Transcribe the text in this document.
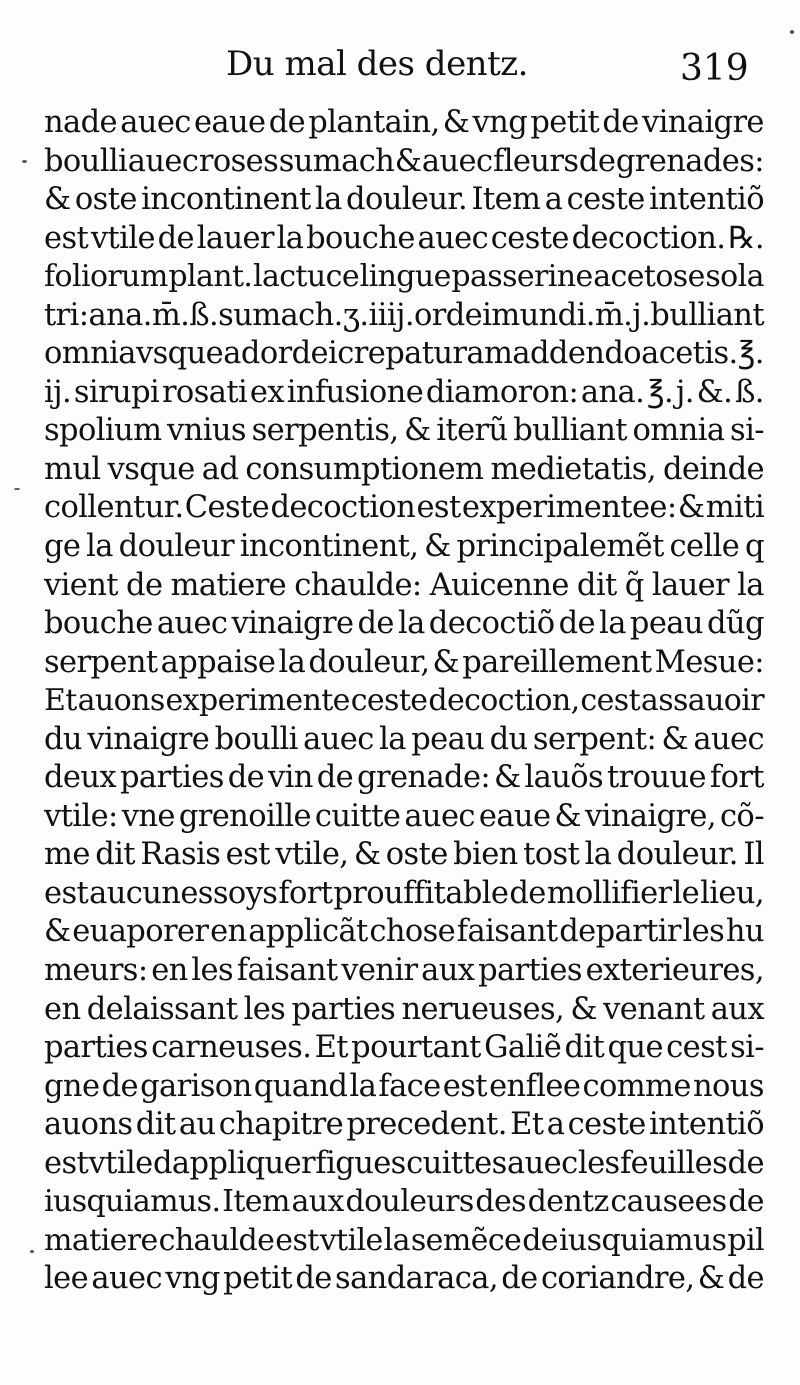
Du mal des dentz.	319
nade auec eaue de plantain, & vng petit de vinaigre
boulli auec roses sumach & auec fleurs de grenades:
& oste incontinent la douleur. Item a ceste intentiõ
est vtile de lauer la bouche auec ceste decoction. ℞.
foliorum plant. lactuce lingue passerine acetose sola
tri: ana. m̄. ß. sumach. ʒ. iiij. ordei mundi. m̄. j. bulliant
omnia vsque ad ordei crepaturam addendo acetis. ℥.
ij. sirupi rosati ex infusione diamoron: ana. ℥. j. &. ß.
spolium vnius serpentis, & iterũ bulliant omnia si-
mul vsque ad consumptionem medietatis, deinde
collentur. Ceste decoction est experimentee: & miti
ge la douleur incontinent, & principalemẽt celle q
vient de matiere chaulde: Auicenne dit q̃ lauer la
bouche auec vinaigre de la decoctiõ de la peau dũg
serpent appaise la douleur, & pareillement Mesue:
Et auons experimente ceste decoction, cest assauoir
du vinaigre boulli auec la peau du serpent: & auec
deux parties de vin de grenade: & lauõs trouue fort
vtile: vne grenoille cuitte auec eaue & vinaigre, cõ-
me dit Rasis est vtile, & oste bien tost la douleur. Il
est aucunessoys fort prouffitable de mollifier le lieu,
& euaporer en applicãt chose faisant departir les hu
meurs: en les faisant venir aux parties exterieures,
en delaissant les parties nerueuses, & venant aux
parties carneuses. Et pourtant Galiẽ dit que cest si-
gne de garison quand la face est enflee comme nous
auons dit au chapitre precedent. Et a ceste intentiõ
est vtile dappliquer figues cuittes auec les feuilles de
iusquiamus. Item aux douleurs des dentz causees de
matiere chaulde est vtile la semẽce de iusquiamus pil
lee auec vng petit de sandaraca, de coriandre, & de
